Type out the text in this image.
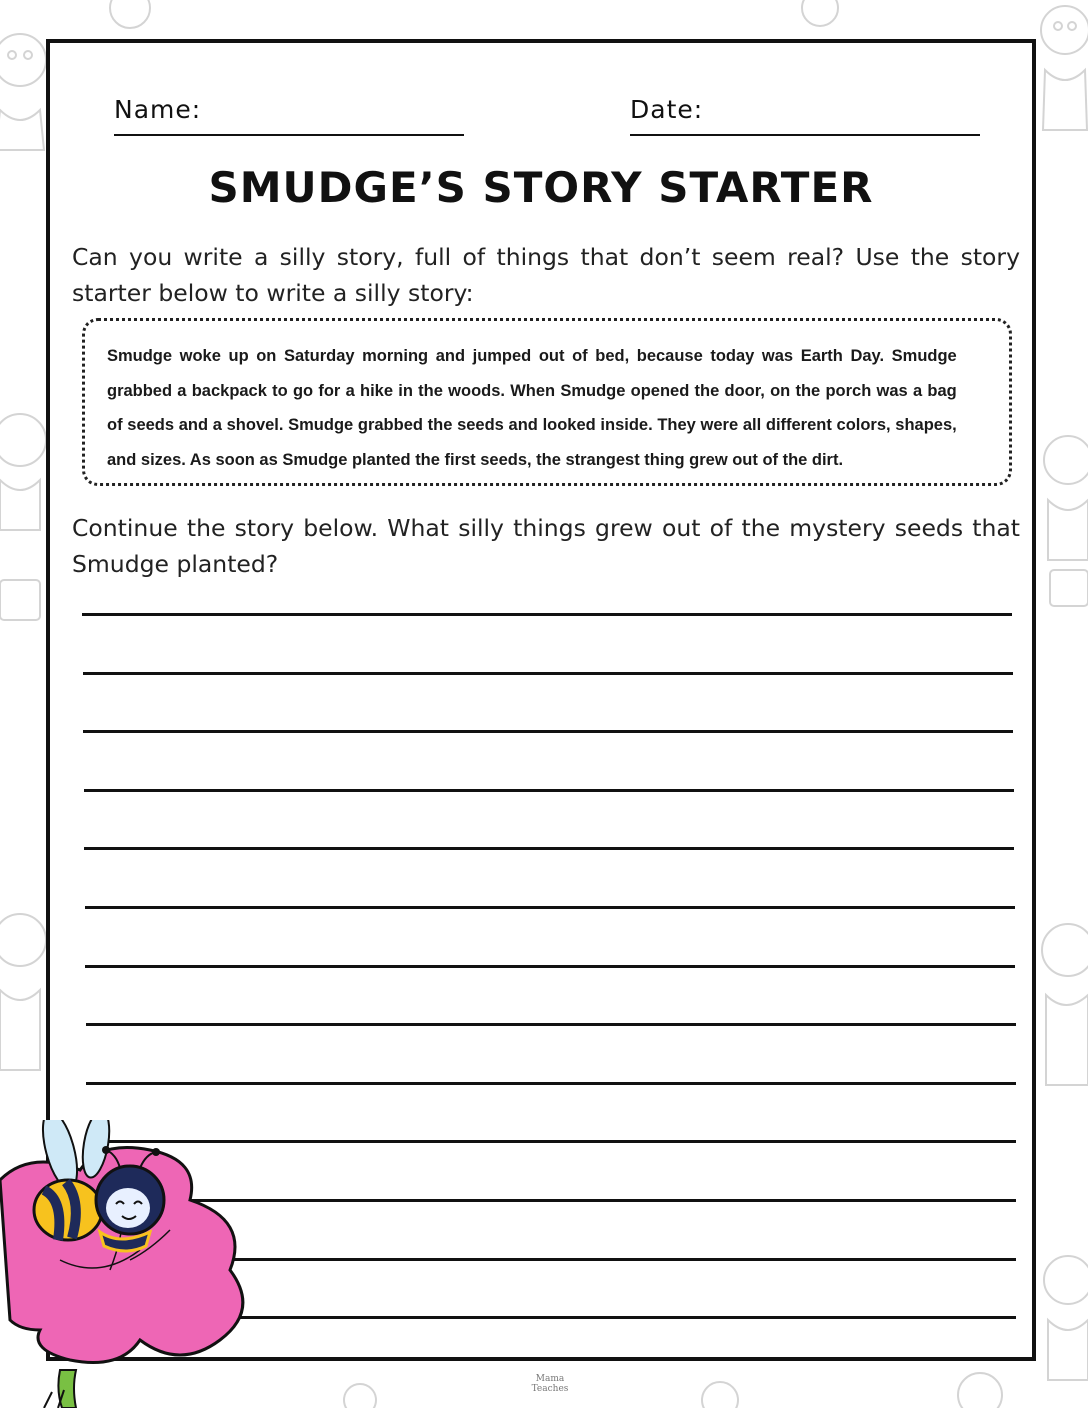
Name:	Date:
SMUDGE’S STORY STARTER
Can you write a silly story, full of things that don’t seem real? Use the story starter below to write a silly story:
Smudge woke up on Saturday morning and jumped out of bed, because today was Earth Day. Smudge grabbed a backpack to go for a hike in the woods. When Smudge opened the door, on the porch was a bag of seeds and a shovel. Smudge grabbed the seeds and looked inside. They were all different colors, shapes, and sizes. As soon as Smudge planted the first seeds, the strangest thing grew out of the dirt.
Continue the story below. What silly things grew out of the mystery seeds that Smudge planted?
Mama Teaches
